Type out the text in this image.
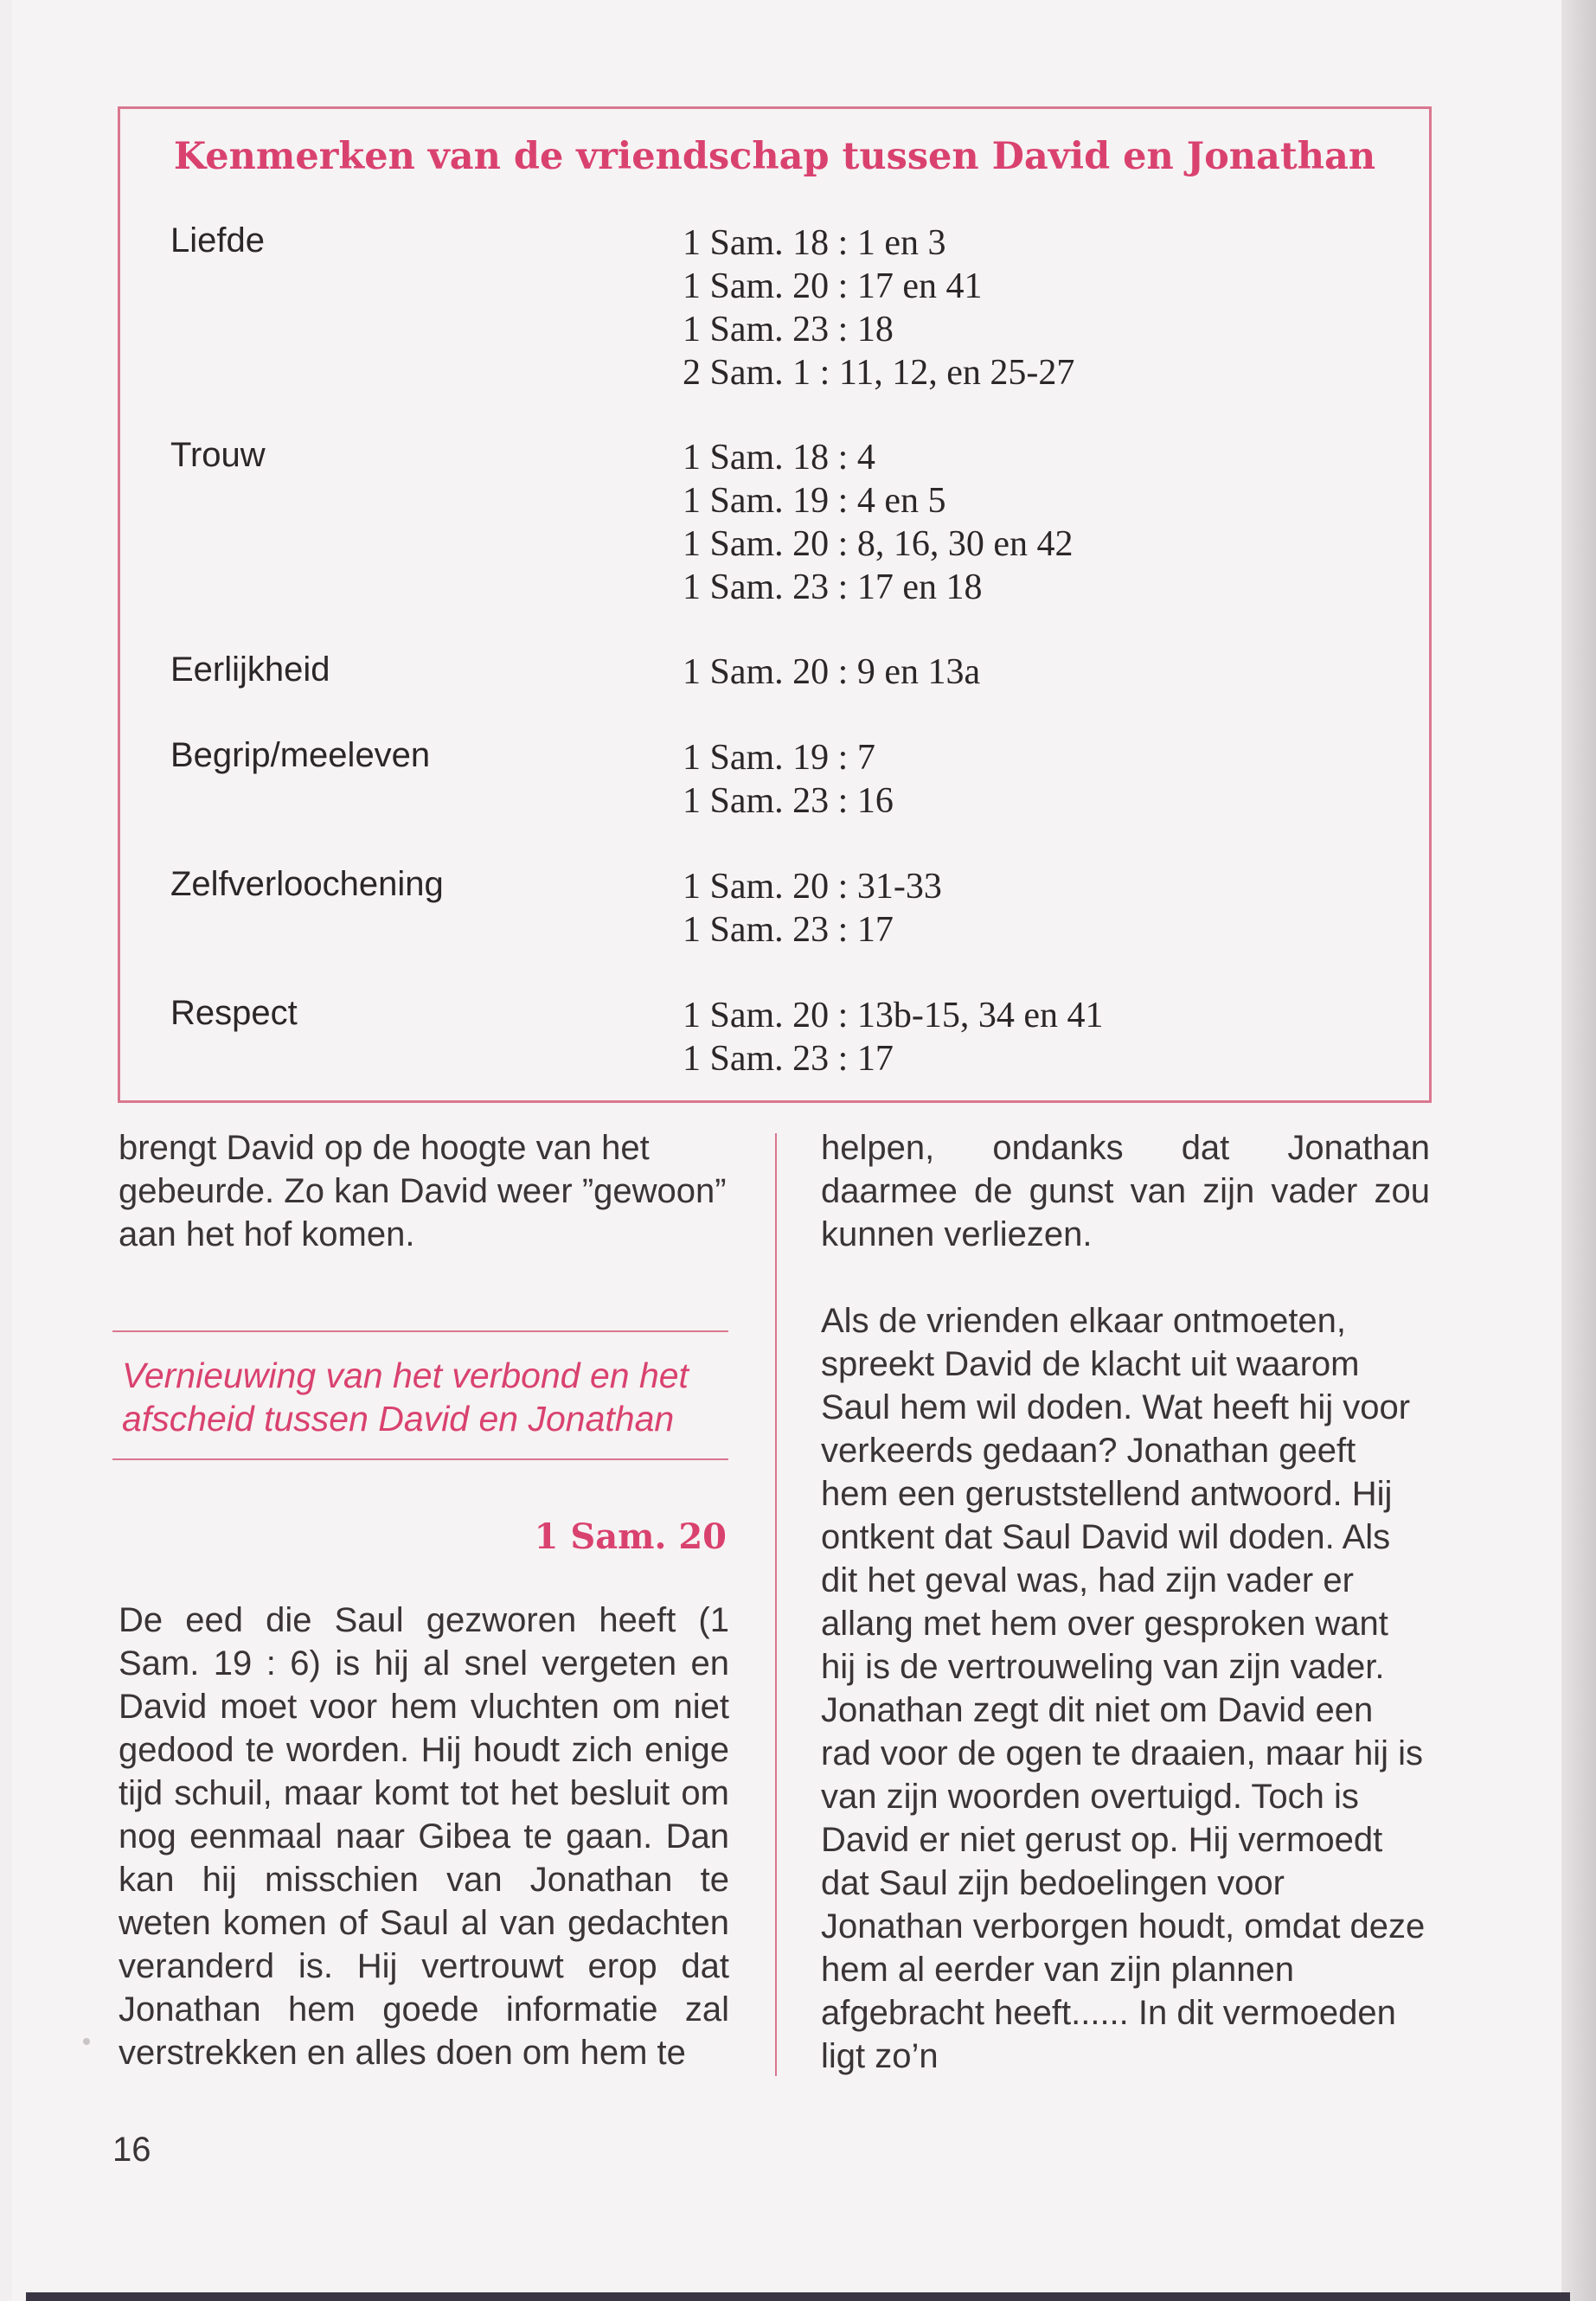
Kenmerken van de vriendschap tussen David en Jonathan
Liefde	1 Sam. 18 : 1 en 3
1 Sam. 20 : 17 en 41
1 Sam. 23 : 18
2 Sam. 1 : 11, 12, en 25-27
Trouw	1 Sam. 18 : 4
1 Sam. 19 : 4 en 5
1 Sam. 20 : 8, 16, 30 en 42
1 Sam. 23 : 17 en 18
Eerlijkheid	1 Sam. 20 : 9 en 13a
Begrip/meeleven	1 Sam. 19 : 7
1 Sam. 23 : 16
Zelfverloochening	1 Sam. 20 : 31-33
1 Sam. 23 : 17
Respect	1 Sam. 20 : 13b-15, 34 en 41
1 Sam. 23 : 17

brengt David op de hoogte van het gebeurde. Zo kan David weer ”gewoon” aan het hof komen.

Vernieuwing van het verbond en het
afscheid tussen David en Jonathan
1 Sam. 20

De eed die Saul gezworen heeft (1 Sam. 19 : 6) is hij al snel vergeten en David moet voor hem vluchten om niet gedood te worden. Hij houdt zich enige tijd schuil, maar komt tot het besluit om nog eenmaal naar Gibea te gaan. Dan kan hij misschien van Jonathan te weten komen of Saul al van gedachten veranderd is. Hij vertrouwt erop dat Jonathan hem goede informatie zal verstrekken en alles doen om hem te

helpen, ondanks dat Jonathan daarmee de gunst van zijn vader zou kunnen verliezen.

Als de vrienden elkaar ontmoeten, spreekt David de klacht uit waarom Saul hem wil doden. Wat heeft hij voor verkeerds gedaan? Jonathan geeft hem een geruststellend antwoord. Hij ontkent dat Saul David wil doden. Als dit het geval was, had zijn vader er allang met hem over gesproken want hij is de vertrouweling van zijn vader. Jonathan zegt dit niet om David een rad voor de ogen te draaien, maar hij is van zijn woorden overtuigd. Toch is David er niet gerust op. Hij vermoedt dat Saul zijn bedoelingen voor Jonathan verborgen houdt, omdat deze hem al eerder van zijn plannen afgebracht heeft...... In dit vermoeden ligt zo’n

16
